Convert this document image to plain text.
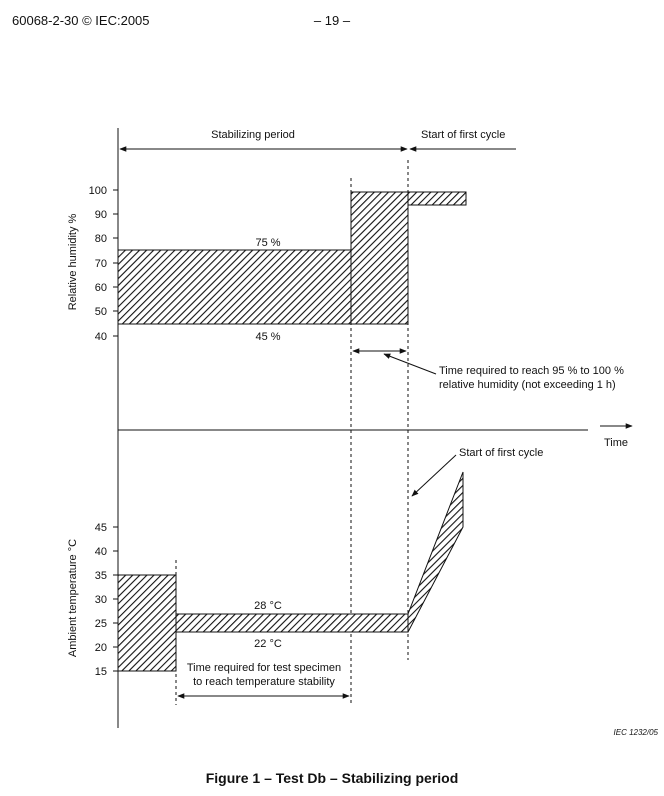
60068-2-30 © IEC:2005	– 19 –
Time
Stabilizing period	Start of first cycle
100
90
80
70
60
50
40
Relative humidity %	75 %
45 %
Time required to reach 95 % to 100 %
relative humidity (not exceeding 1 h)
45
40
35
30
25
20
15
Ambient temperature °C	28 °C
22 °C
Start of first cycle
Time required for test specimen
to reach temperature stability
IEC 1232/05
Figure 1 – Test Db – Stabilizing period
